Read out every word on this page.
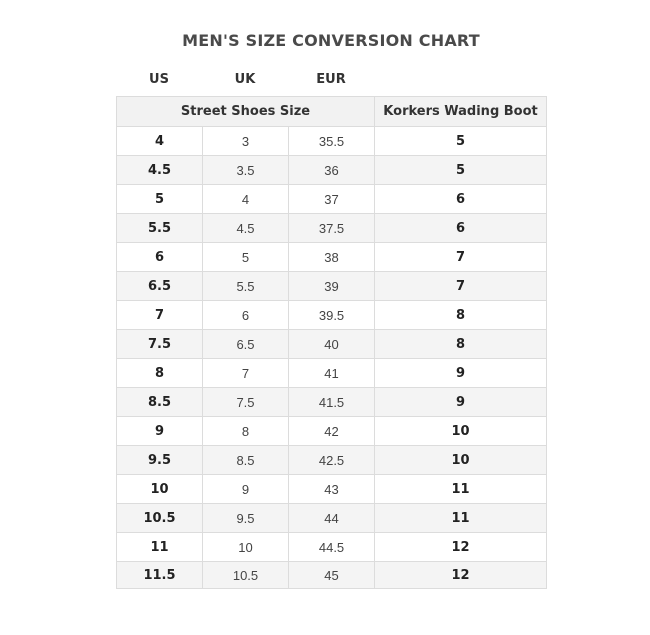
MEN'S SIZE CONVERSION CHART
US	UK	EUR
Street Shoes Size			Korkers Wading Boot
4	3	35.5	5
4.5	3.5	36	5
5	4	37	6
5.5	4.5	37.5	6
6	5	38	7
6.5	5.5	39	7
7	6	39.5	8
7.5	6.5	40	8
8	7	41	9
8.5	7.5	41.5	9
9	8	42	10
9.5	8.5	42.5	10
10	9	43	11
10.5	9.5	44	11
11	10	44.5	12
11.5	10.5	45	12
